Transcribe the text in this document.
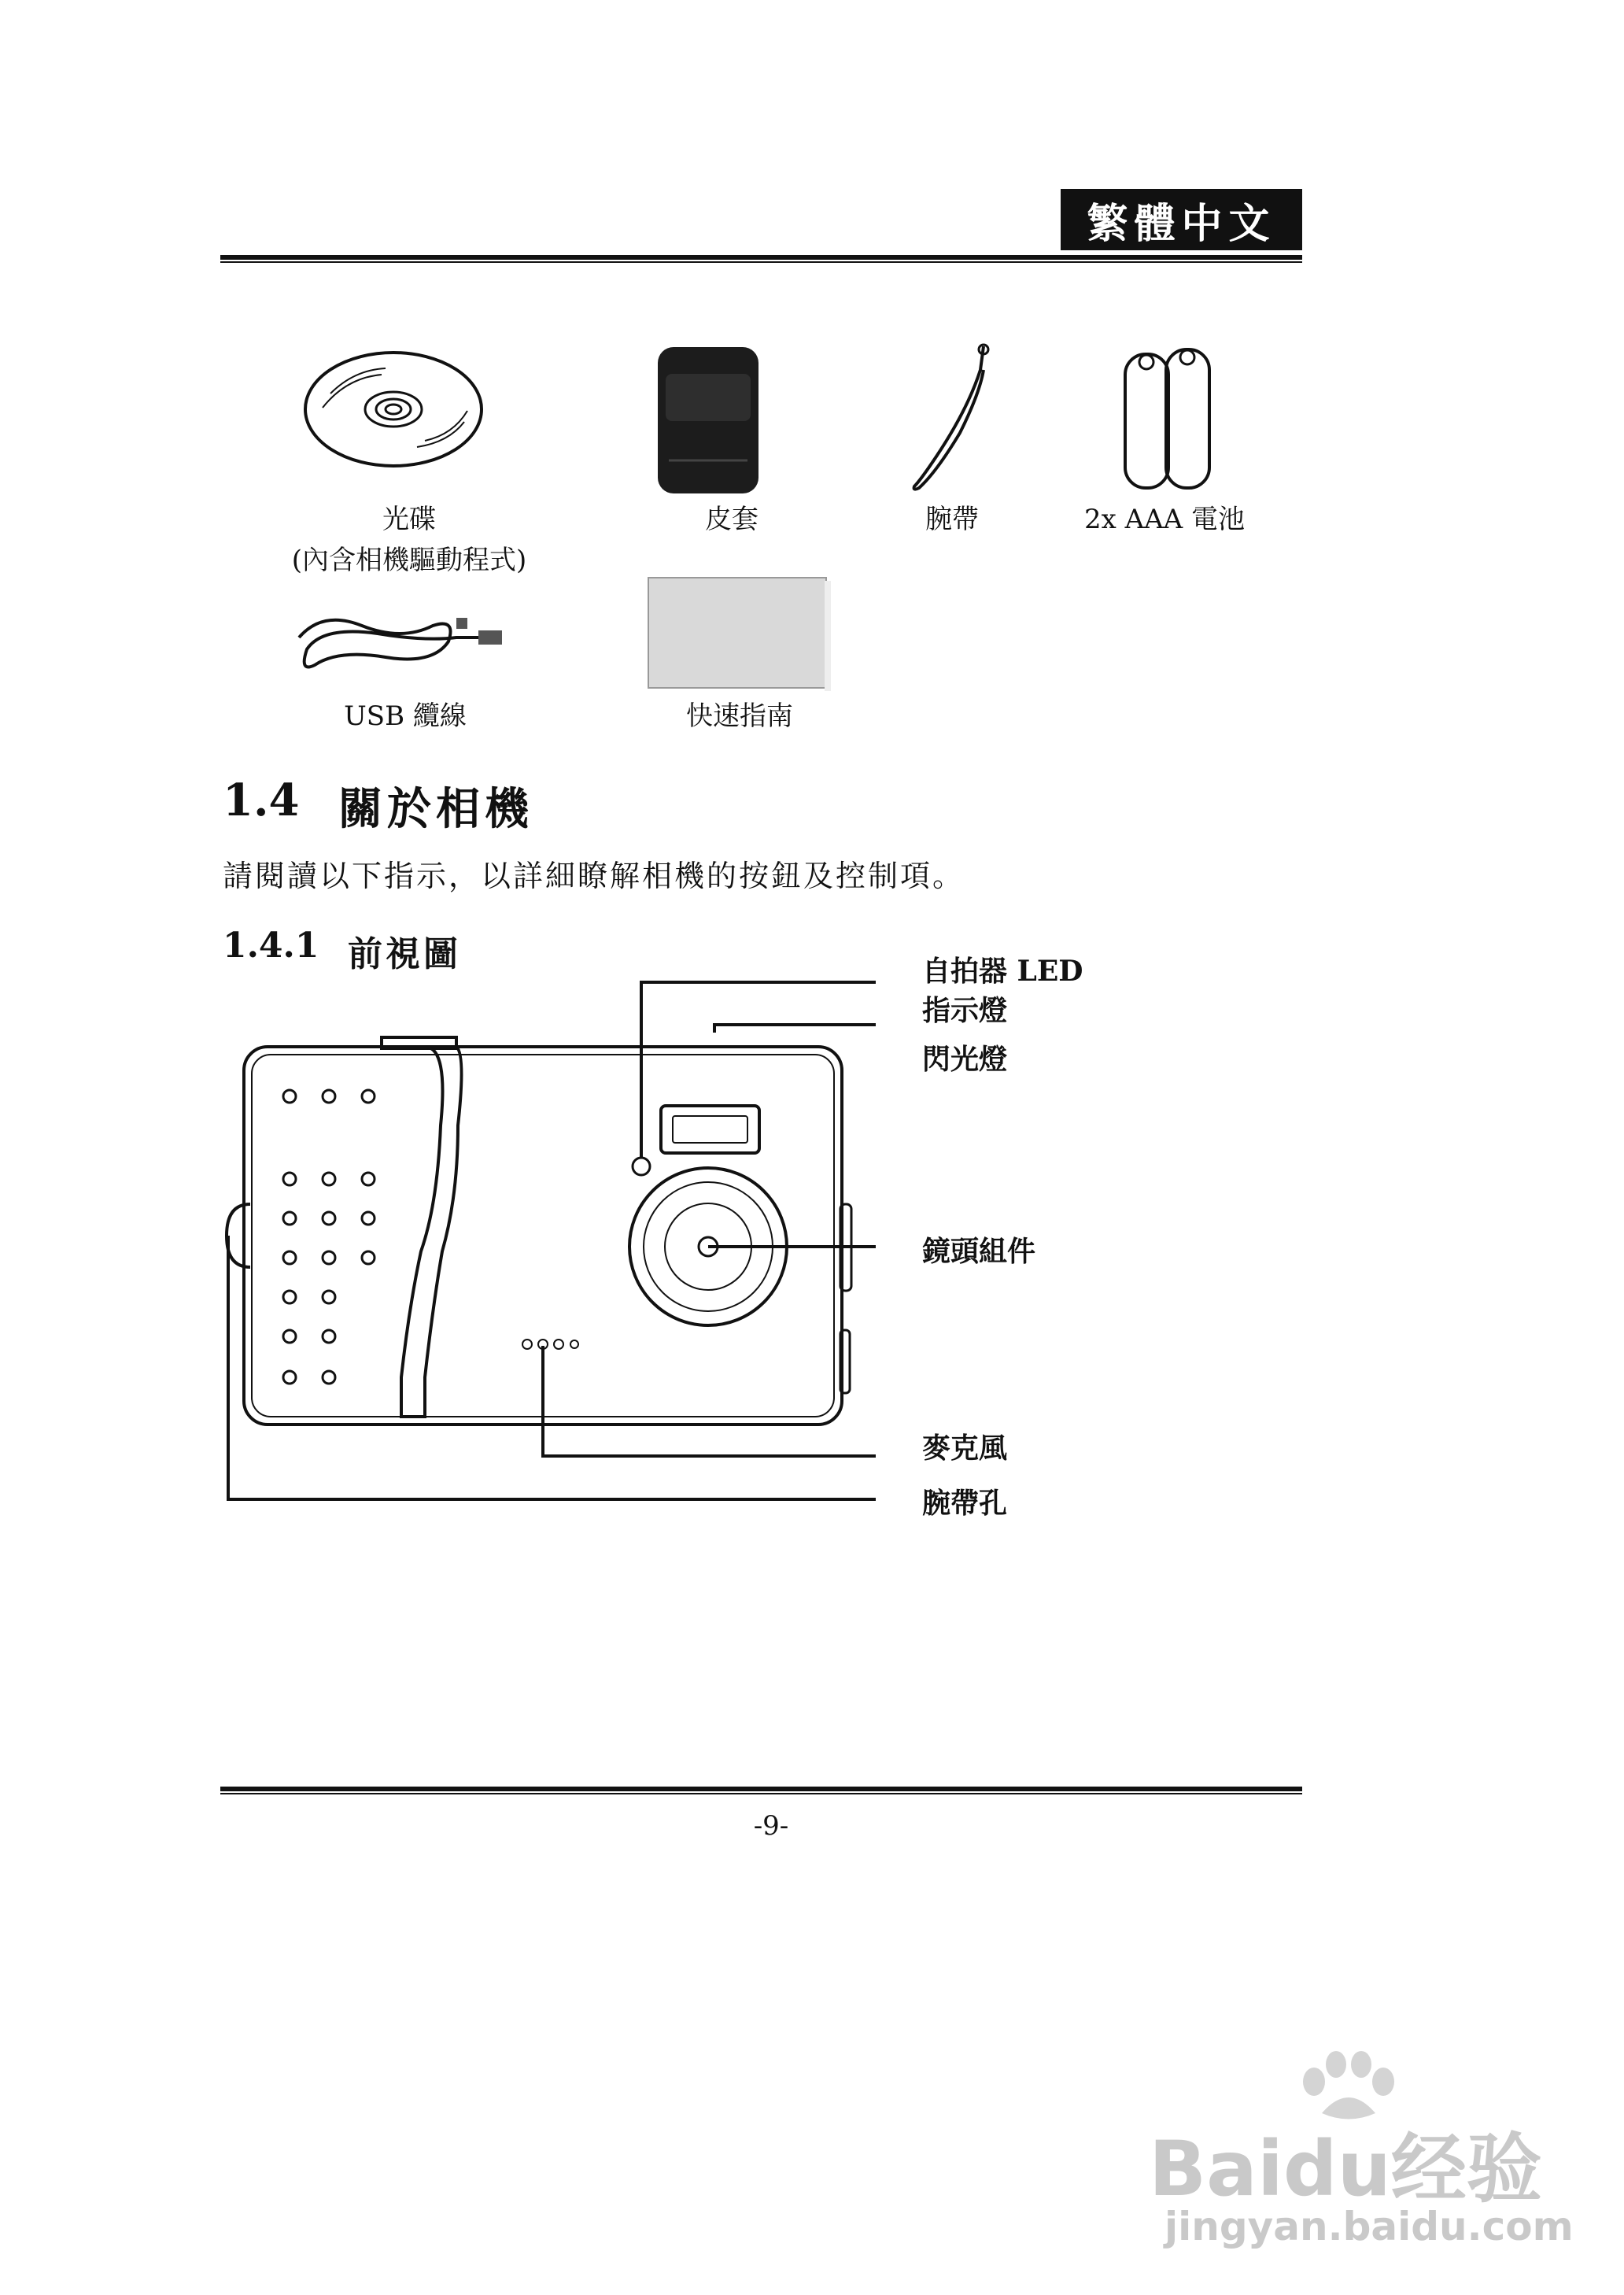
繁體中文
光碟
(內含相機驅動程式)
皮套	腕帶	2x AAA 電池
USB 纜線	快速指南
1.4 關於相機
請閱讀以下指示，以詳細瞭解相機的按鈕及控制項。
1.4.1 前視圖	自拍器 LED
指示燈
閃光燈
鏡頭組件
麥克風
腕帶孔
-9-
Baidu经验
jingyan.baidu.com
